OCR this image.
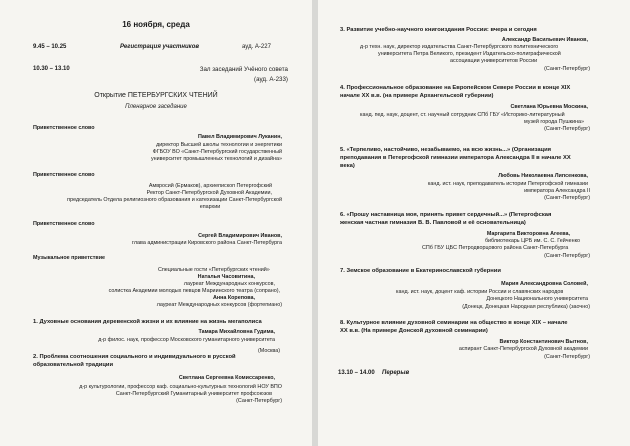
16 ноября, среда
9.45 – 10.25	Регистрация участников	ауд. А-227
10.30 – 13.10	Зал заседаний Учёного совета
(ауд. А-233)
Открытие ПЕТЕРБУРГСКИХ ЧТЕНИЙ
Пленарное заседание
Приветственное слово
Павел Владимирович Луканин,
директор Высшей школы технологии и энергетики
ФГБОУ ВО «Санкт-Петербургский государственный
университет промышленных технологий и дизайна»
Приветственное слово
Амвросий (Ермаков), архиепископ Петергофский
Ректор Санкт-Петербургской Духовной Академии,
председатель Отдела религиозного образования и катехизации Санкт-Петербургской
епархии
Приветственное слово
Сергей Владимирович Иванов,
глава администрации Кировского района Санкт-Петербурга
Музыкальное приветствие
Специальные гости «Петербургских чтений»
Наталья Часовитина,
лауреат Международных конкурсов,
солистка Академии молодых певцов Мариинского театра (сопрано),
Анна Корепова,
лауреат Международных конкурсов (фортепиано)
1. Духовные основания деревенской жизни и их влияние на жизнь мегаполиса
Тамара Михайловна Гудима,
д-р филос. наук, профессор Московского гуманитарного университета
(Москва)
2. Проблема соотношения социального и индивидуального в русской
образовательной традиции
Светлана Сергеевна Комиссаренко,
д-р культурологии, профессор каф. социально-культурных технологий НОУ ВПО
Санкт-Петербургский Гуманитарный университет профсоюзов
(Санкт-Петербург)
3. Развитие учебно-научного книгоиздания России: вчера и сегодня
Александр Васильевич Иванов,
д-р техн. наук, директор издательства Санкт-Петербургского политехнического
университета Петра Великого, президент Издательско-полиграфической
ассоциации университетов России
(Санкт-Петербург)
4. Профессиональное образование на Европейском Севере России в конце XIX
начале XX в.в. (на примере Архангельской губернии)
Светлана Юрьевна Москина,
канд. пед. наук, доцент, ст. научный сотрудник СПб ГБУ «Историко-литературный
музей города Пушкина»
(Санкт-Петербург)
5. «Терпеливо, настойчиво, незабываемо, на всю жизнь...» (Организация
преподавания в Петергофской гимназии императора Александра II в начале XX
века)
Любовь Николаевна Липсенкова,
канд. ист. наук, преподаватель истории Петергофской гимназии
императора Александра II
(Санкт-Петербург)
6. «Прошу наставница моя, принять привет сердечный...» (Петергофская
женская частная гимназия В. В. Павловой и её основательница)
Маргарита Викторовна Агеева,
библиотекарь ЦРБ им. С. С. Гейченко
СПб ГБУ ЦБС Петродворцового района Санкт-Петербурга
(Санкт-Петербург)
7. Земское образование в Екатеринославской губернии
Мария Александровна Соловей,
канд. ист. наук, доцент каф. истории России и славянских народов
Донецкого Национального университета
(Донецк, Донецкая Народная республика) (заочно)
8. Культурное влияние духовной семинарии на общество в конце XIX – начале
XX в.в. (На примере Донской духовной семинарии)
Виктор Константинович Вытнов,
аспирант Санкт-Петербургской Духовной академии
(Санкт-Петербург)
13.10 – 14.00 Перерыв
